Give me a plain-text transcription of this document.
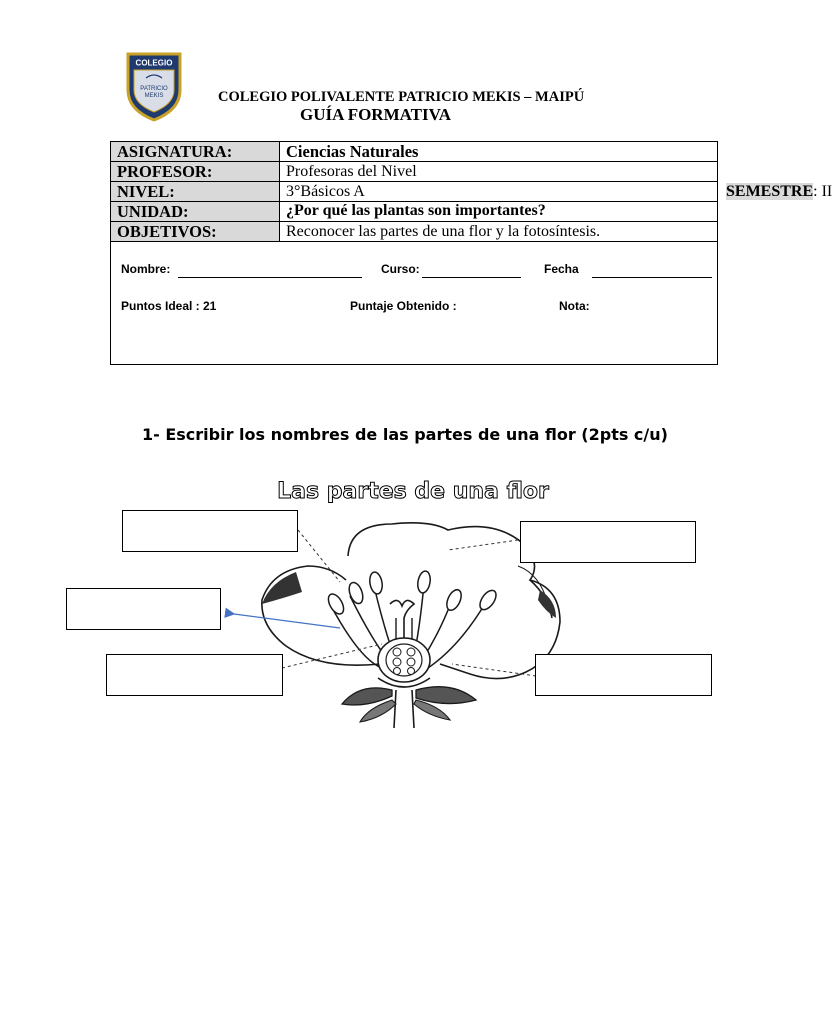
COLEGIO
PATRICIO
MEKIS	COLEGIO POLIVALENTE PATRICIO MEKIS – MAIPÚ
GUÍA FORMATIVA
ASIGNATURA:	Ciencias Naturales
PROFESOR:	Profesoras del Nivel
NIVEL:	3°Básicos A SEMESTRE: II

UNIDAD:	¿Por qué las plantas son importantes?
OBJETIVOS:	Reconocer las partes de una flor y la fotosíntesis.
Nombre:	Curso:	Fecha
Puntos Ideal : 21	Puntaje Obtenido :	Nota:
1- Escribir los nombres de las partes de una flor (2pts c/u)
Las partes de una flor
